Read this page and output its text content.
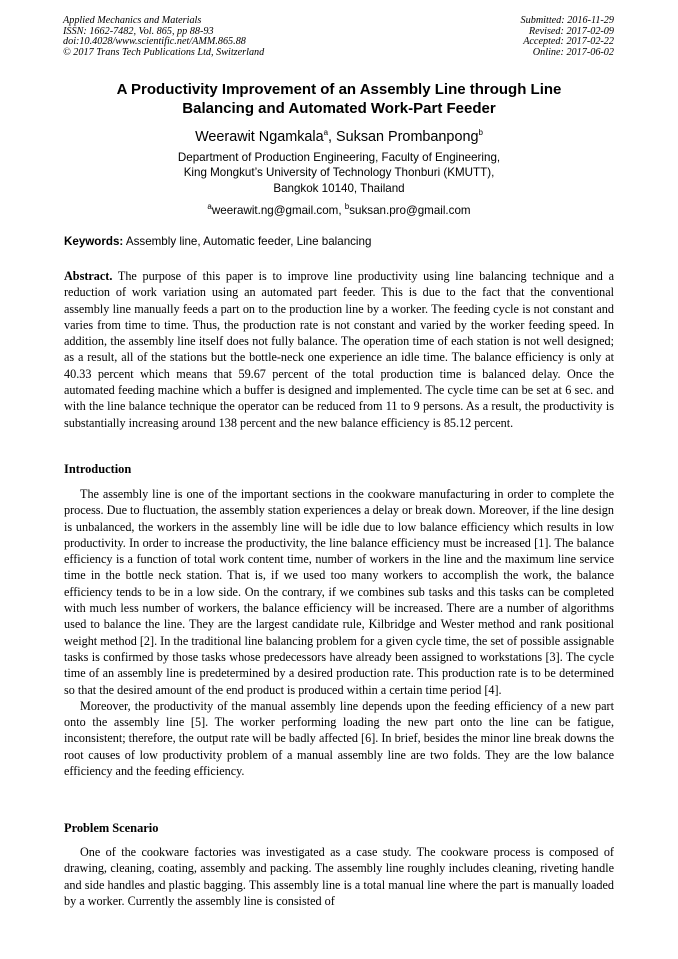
Applied Mechanics and Materials
ISSN: 1662-7482, Vol. 865, pp 88-93
doi:10.4028/www.scientific.net/AMM.865.88
© 2017 Trans Tech Publications Ltd, Switzerland
Submitted: 2016-11-29
Revised: 2017-02-09
Accepted: 2017-02-22
Online: 2017-06-02
A Productivity Improvement of an Assembly Line through Line
Balancing and Automated Work-Part Feeder
Weerawit Ngamkala$^a$, Suksan Prombanpong$^b$
Department of Production Engineering, Faculty of Engineering,
King Mongkut’s University of Technology Thonburi (KMUTT),
Bangkok 10140, Thailand
$^a$weerawit.ng@gmail.com, $^b$suksan.pro@gmail.com
Keywords: Assembly line, Automatic feeder, Line balancing
Abstract. The purpose of this paper is to improve line productivity using line balancing technique and a reduction of work variation using an automated part feeder. This is due to the fact that the conventional assembly line manually feeds a part on to the production line by a worker. The feeding cycle is not constant and varies from time to time. Thus, the production rate is not constant and varied by the worker feeding speed. In addition, the assembly line itself does not fully balance. The operation time of each station is not well designed; as a result, all of the stations but the bottle-neck one experience an idle time. The balance efficiency is only at 40.33 percent which means that 59.67 percent of the total production time is balanced delay. Once the automated feeding machine which a buffer is designed and implemented. The cycle time can be set at 6 sec. and with the line balance technique the operator can be reduced from 11 to 9 persons. As a result, the productivity is substantially increasing around 138 percent and the new balance efficiency is 85.12 percent.
Introduction

The assembly line is one of the important sections in the cookware manufacturing in order to complete the process. Due to fluctuation, the assembly station experiences a delay or break down. Moreover, if the line design is unbalanced, the workers in the assembly line will be idle due to low balance efficiency which results in low productivity. In order to increase the productivity, the line balance efficiency must be increased [1]. The balance efficiency is a function of total work content time, number of workers in the line and the maximum line service time in the bottle neck station. That is, if we used too many workers to accomplish the work, the balance efficiency tends to be in a low side. On the contrary, if we combines sub tasks and this tasks can be completed with much less number of workers, the balance efficiency will be increased. There are a number of algorithms used to balance the line. They are the largest candidate rule, Kilbridge and Wester method and rank positional weight method [2]. In the traditional line balancing problem for a given cycle time, the set of possible assignable tasks is confirmed by those tasks whose predecessors have already been assigned to workstations [3]. The cycle time of an assembly line is predetermined by a desired production rate. This production rate is to be determined so that the desired amount of the end product is produced within a certain time period [4].

Moreover, the productivity of the manual assembly line depends upon the feeding efficiency of a new part onto the assembly line [5]. The worker performing loading the new part onto the line can be fatigue, inconsistent; therefore, the output rate will be badly affected [6]. In brief, besides the minor line break downs the root causes of low productivity problem of a manual assembly line are two folds. They are the low balance efficiency and the feeding efficiency.

Problem Scenario

One of the cookware factories was investigated as a case study. The cookware process is composed of drawing, cleaning, coating, assembly and packing. The assembly line roughly includes cleaning, riveting handle and side handles and plastic bagging. This assembly line is a total manual line where the part is manually loaded by a worker. Currently the assembly line is consisted of
